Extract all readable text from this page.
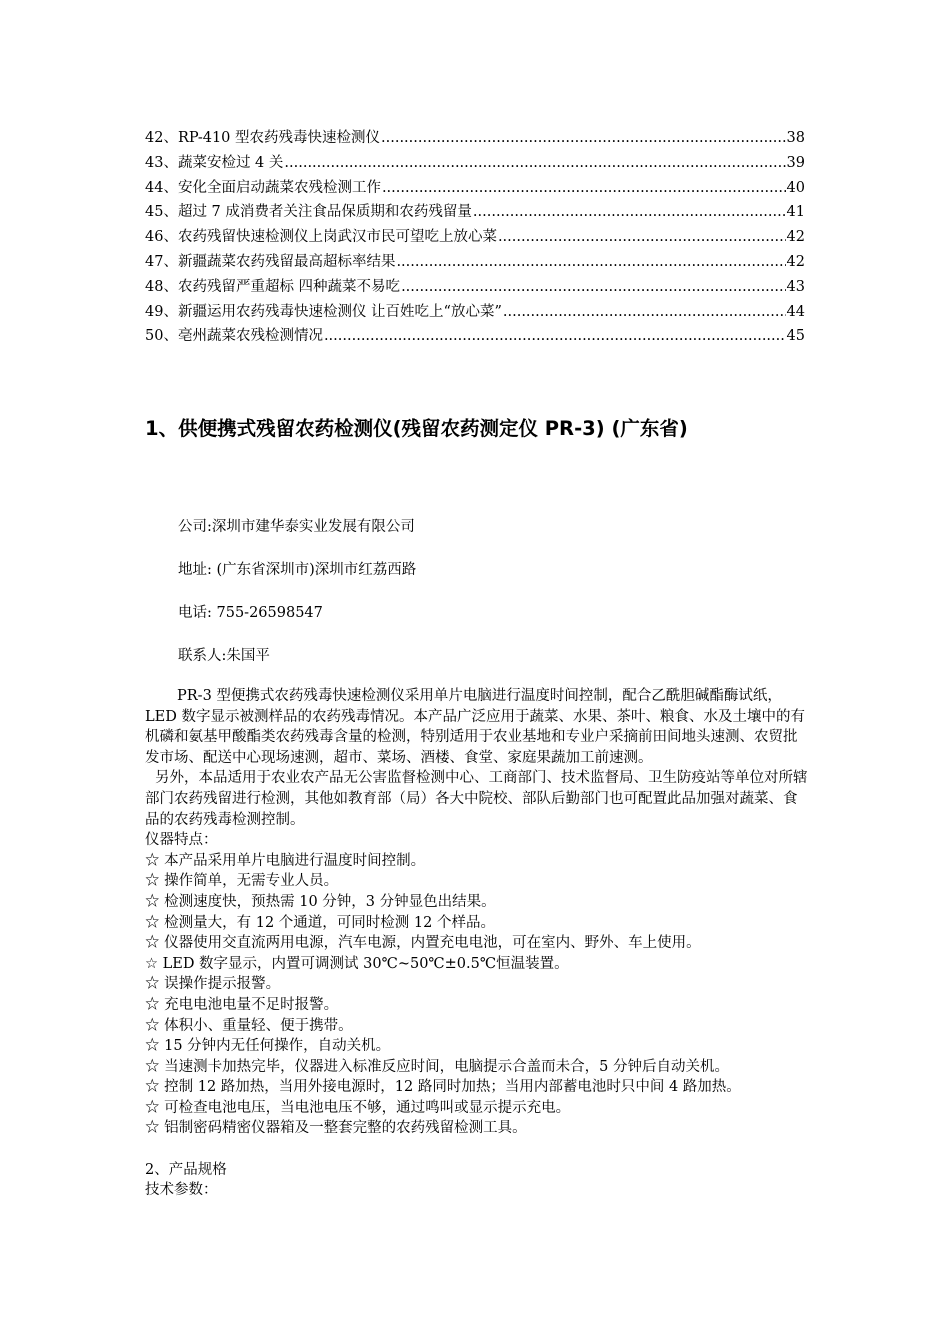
42、RP-410 型农药残毒快速检测仪 .....	38
43、蔬菜安检过 4 关 .....	39
44、安化全面启动蔬菜农残检测工作 .....	40
45、超过 7 成消费者关注食品保质期和农药残留量 .....	41
46、农药残留快速检测仪上岗武汉市民可望吃上放心菜 .....	42
47、新疆蔬菜农药残留最高超标率结果 .....	42
48、农药残留严重超标 四种蔬菜不易吃 .....	43
49、新疆运用农药残毒快速检测仪 让百姓吃上“放心菜” .....	44
50、亳州蔬菜农残检测情况 .....	45
1、供便携式残留农药检测仪(残留农药测定仪 PR-3) (广东省)
公司:深圳市建华泰实业发展有限公司
地址: (广东省深圳市)深圳市红荔西路
电话: 755-26598547
联系人:朱国平

PR-3 型便携式农药残毒快速检测仪采用单片电脑进行温度时间控制，配合乙酰胆碱酯酶试纸，LED 数字显示被测样品的农药残毒情况。本产品广泛应用于蔬菜、水果、茶叶、粮食、水及土壤中的有机磷和氨基甲酸酯类农药残毒含量的检测，特别适用于农业基地和专业户采摘前田间地头速测、农贸批发市场、配送中心现场速测，超市、菜场、酒楼、食堂、家庭果蔬加工前速测。

另外，本品适用于农业农产品无公害监督检测中心、工商部门、技术监督局、卫生防疫站等单位对所辖部门农药残留进行检测，其他如教育部（局）各大中院校、部队后勤部门也可配置此品加强对蔬菜、食品的农药残毒检测控制。

仪器特点：

☆ 本产品采用单片电脑进行温度时间控制。

☆ 操作简单，无需专业人员。

☆ 检测速度快，预热需 10 分钟，3 分钟显色出结果。

☆ 检测量大，有 12 个通道，可同时检测 12 个样品。

☆ 仪器使用交直流两用电源，汽车电源，内置充电电池，可在室内、野外、车上使用。

☆ LED 数字显示，内置可调测试 30℃~50℃±0.5℃恒温装置。

☆ 误操作提示报警。

☆ 充电电池电量不足时报警。

☆ 体积小、重量轻、便于携带。

☆ 15 分钟内无任何操作，自动关机。

☆ 当速测卡加热完毕，仪器进入标准反应时间，电脑提示合盖而未合，5 分钟后自动关机。

☆ 控制 12 路加热，当用外接电源时，12 路同时加热；当用内部蓄电池时只中间 4 路加热。

☆ 可检查电池电压，当电池电压不够，通过鸣叫或显示提示充电。

☆ 铝制密码精密仪器箱及一整套完整的农药残留检测工具。

2、产品规格

技术参数：
